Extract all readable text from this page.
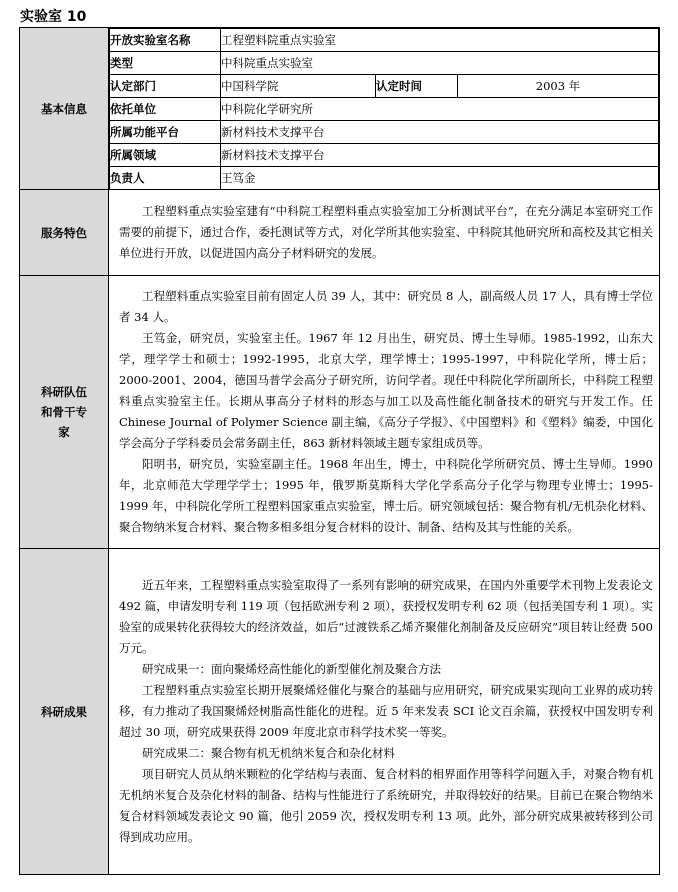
实验室 10
基本信息	
开放实验室名称	工程塑料院重点实验室
类型	中科院重点实验室
认定部门	中国科学院	认定时间	2003 年
依托单位	中科院化学研究所
所属功能平台	新材料技术支撑平台
所属领域	新材料技术支撑平台
负责人	王笃金

服务特色	

工程塑料重点实验室建有“中科院工程塑料重点实验室加工分析测试平台”，在充分满足本室研究工作需要的前提下，通过合作，委托测试等方式，对化学所其他实验室、中科院其他研究所和高校及其它相关单位进行开放，以促进国内高分子材料研究的发展。

科研队伍和骨干专家	

工程塑料重点实验室目前有固定人员 39 人，其中：研究员 8 人，副高级人员 17 人，具有博士学位者 34 人。

王笃金，研究员，实验室主任。1967 年 12 月出生，研究员、博士生导师。1985-1992，山东大学，理学学士和硕士；1992-1995，北京大学，理学博士；1995-1997，中科院化学所，博士后；2000-2001、2004，德国马普学会高分子研究所，访问学者。现任中科院化学所副所长，中科院工程塑料重点实验室主任。长期从事高分子材料的形态与加工以及高性能化制备技术的研究与开发工作。任 Chinese Journal of Polymer Science 副主编，《高分子学报》、《中国塑料》和《塑料》编委，中国化学会高分子学科委员会常务副主任，863 新材料领域主题专家组成员等。

阳明书，研究员，实验室副主任。1968 年出生，博士，中科院化学所研究员、博士生导师。1990 年，北京师范大学理学学士；1995 年，俄罗斯莫斯科大学化学系高分子化学与物理专业博士；1995-1999 年，中科院化学所工程塑料国家重点实验室，博士后。研究领域包括：聚合物有机/无机杂化材料、聚合物纳米复合材料、聚合物多相多组分复合材料的设计、制备、结构及其与性能的关系。

科研成果	

近五年来，工程塑料重点实验室取得了一系列有影响的研究成果，在国内外重要学术刊物上发表论文 492 篇，申请发明专利 119 项（包括欧洲专利 2 项），获授权发明专利 62 项（包括美国专利 1 项）。实验室的成果转化获得较大的经济效益，如后“过渡铁系乙烯齐聚催化剂制备及反应研究”项目转让经费 500 万元。

研究成果一：面向聚烯烃高性能化的新型催化剂及聚合方法

工程塑料重点实验室长期开展聚烯烃催化与聚合的基础与应用研究，研究成果实现向工业界的成功转移，有力推动了我国聚烯烃树脂高性能化的进程。近 5 年来发表 SCI 论文百余篇，获授权中国发明专利超过 30 项，研究成果获得 2009 年度北京市科学技术奖一等奖。

研究成果二：聚合物有机无机纳米复合和杂化材料

项目研究人员从纳米颗粒的化学结构与表面、复合材料的相界面作用等科学问题入手，对聚合物有机无机纳米复合及杂化材料的制备、结构与性能进行了系统研究，并取得较好的结果。目前已在聚合物纳米复合材料领域发表论文 90 篇，他引 2059 次，授权发明专利 13 项。此外，部分研究成果被转移到公司得到成功应用。
